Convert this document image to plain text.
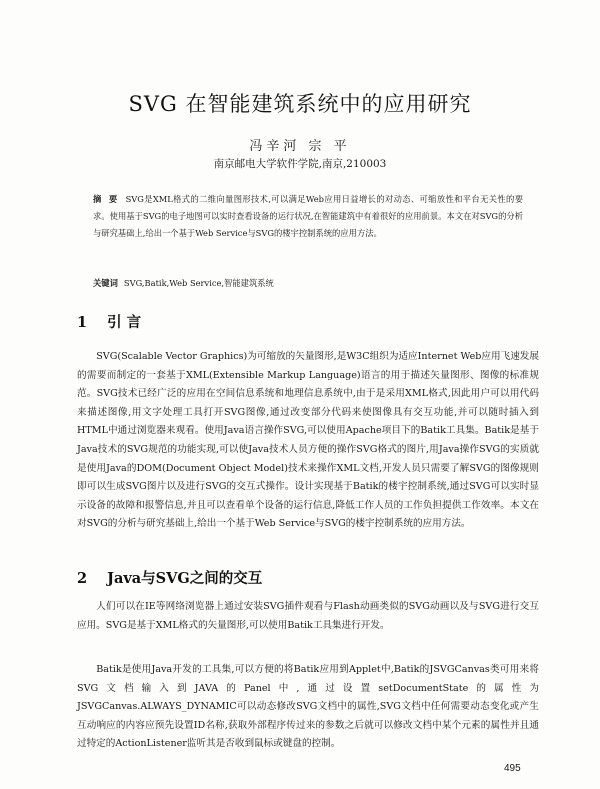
SVG 在智能建筑系统中的应用研究
冯辛河 宗 平
南京邮电大学软件学院,南京,210003
摘 要 SVG是XML格式的二维向量图形技术,可以满足Web应用日益增长的对动态、可缩放性和平台无关性的要求。使用基于SVG的电子地图可以实时查看设备的运行状况,在智能建筑中有着很好的应用前景。本文在对SVG的分析与研究基础上,给出一个基于Web Service与SVG的楼宇控制系统的应用方法。
关键词 SVG,Batik,Web Service,智能建筑系统
1 引 言
SVG(Scalable Vector Graphics)为可缩放的矢量图形,是W3C组织为适应Internet Web应用飞速发展的需要而制定的一套基于XML(Extensible Markup Language)语言的用于描述矢量图形、图像的标准规范。SVG技术已经广泛的应用在空间信息系统和地理信息系统中,由于是采用XML格式,因此用户可以用代码来描述图像,用文字处理工具打开SVG图像,通过改变部分代码来使图像具有交互功能,并可以随时插入到HTML中通过浏览器来观看。使用Java语言操作SVG,可以使用Apache项目下的Batik工具集。Batik是基于Java技术的SVG规范的功能实现,可以使Java技术人员方便的操作SVG格式的图片,用Java操作SVG的实质就是使用Java的DOM(Document Object Model)技术来操作XML文档,开发人员只需要了解SVG的图像规则即可以生成SVG图片以及进行SVG的交互式操作。设计实现基于Batik的楼宇控制系统,通过SVG可以实时显示设备的故障和报警信息,并且可以查看单个设备的运行信息,降低工作人员的工作负担提供工作效率。本文在对SVG的分析与研究基础上,给出一个基于Web Service与SVG的楼宇控制系统的应用方法。
2 Java与SVG之间的交互
人们可以在IE等网络浏览器上通过安装SVG插件观看与Flash动画类似的SVG动画以及与SVG进行交互应用。SVG是基于XML格式的矢量图形,可以使用Batik工具集进行开发。
Batik是使用Java开发的工具集,可以方便的将Batik应用到Applet中,Batik的JSVGCanvas类可用来将SVG文档输入到JAVA的Panel中,通过设置setDocumentState的属性为JSVGCanvas.ALWAYS_DYNAMIC可以动态修改SVG文档中的属性,SVG文档中任何需要动态变化或产生互动响应的内容应预先设置ID名称,获取外部程序传过来的参数之后就可以修改文档中某个元素的属性并且通过特定的ActionListener监听其是否收到鼠标或键盘的控制。
495
